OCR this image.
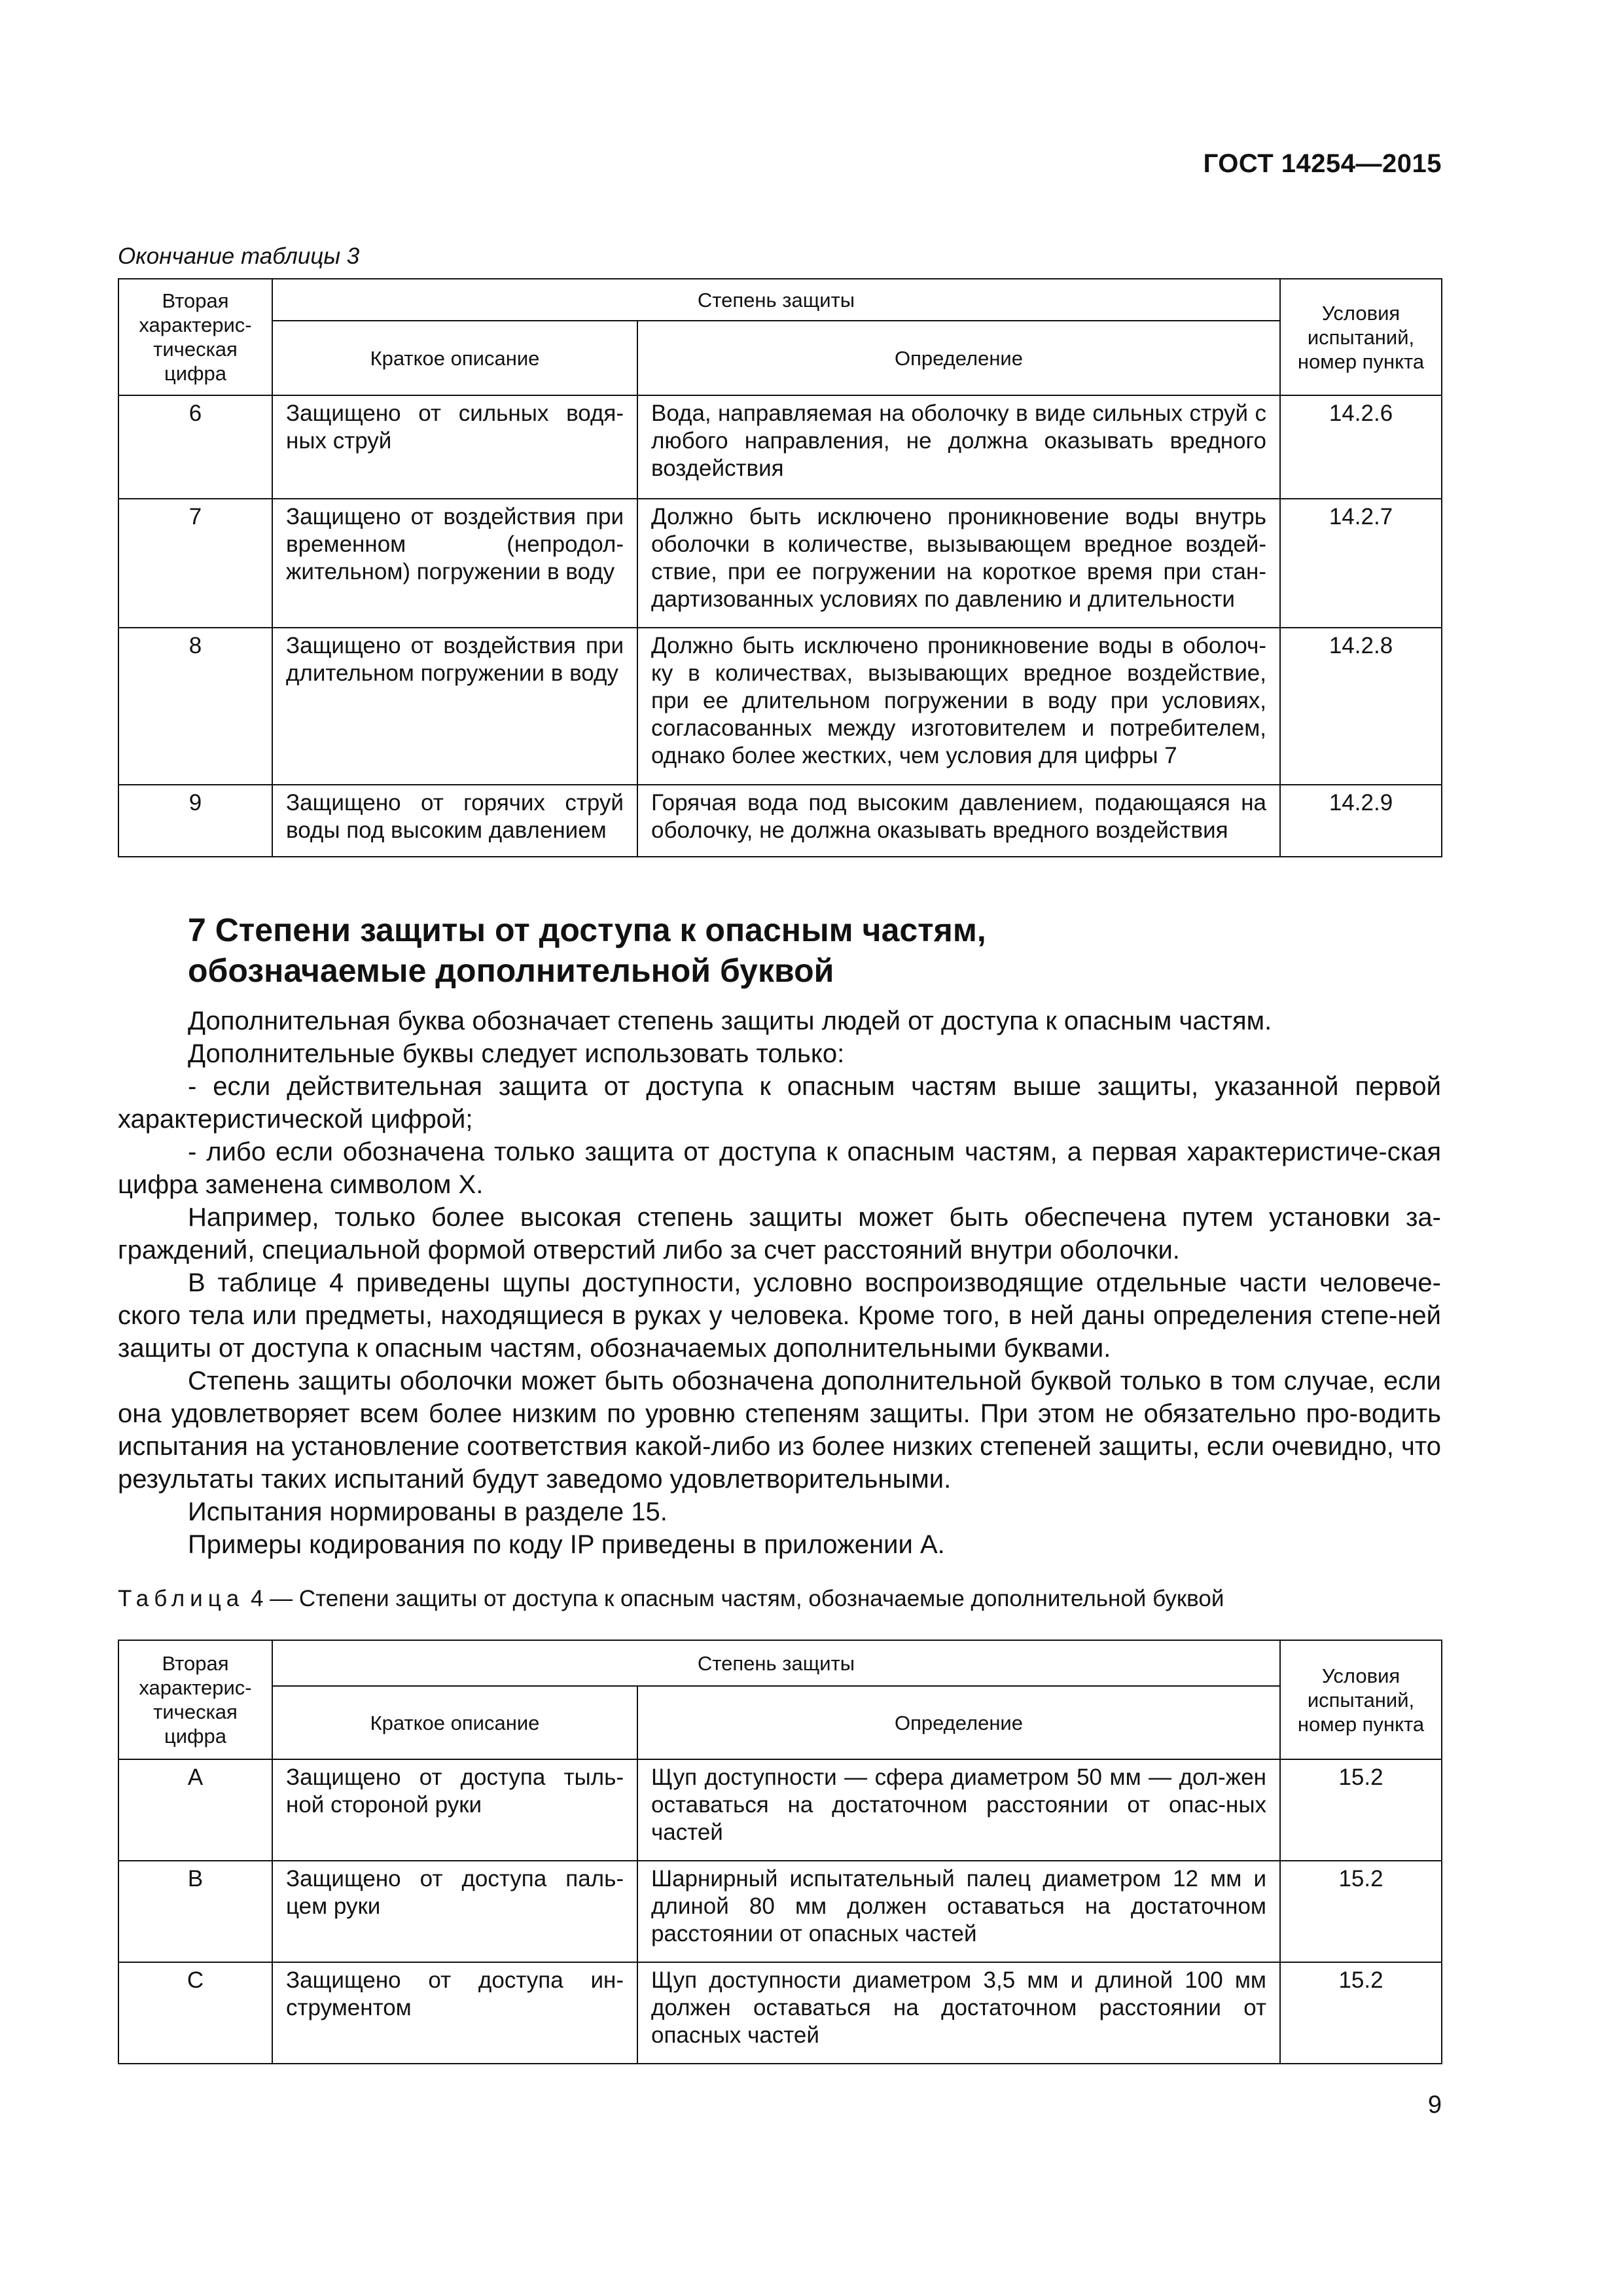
ГОСТ 14254—2015
Окончание таблицы 3
Вторая характерис-тическая цифра	Степень защиты		Условия испытаний, номер пункта
	Краткое описание	Определение	
6	Защищено от сильных водя-ных струй	Вода, направляемая на оболочку в виде сильных струй с любого направления, не должна оказывать вредного воздействия	14.2.6
7	Защищено от воздействия при временном (непродол-жительном) погружении в воду	Должно быть исключено проникновение воды внутрь оболочки в количестве, вызывающем вредное воздей-ствие, при ее погружении на короткое время при стан-дартизованных условиях по давлению и длительности	14.2.7
8	Защищено от воздействия при длительном погружении в воду	Должно быть исключено проникновение воды в оболоч-ку в количествах, вызывающих вредное воздействие, при ее длительном погружении в воду при условиях, согласованных между изготовителем и потребителем, однако более жестких, чем условия для цифры 7	14.2.8
9	Защищено от горячих струй воды под высоким давлением	Горячая вода под высоким давлением, подающаяся на оболочку, не должна оказывать вредного воздействия	14.2.9
7 Степени защиты от доступа к опасным частям,
обозначаемые дополнительной буквой

Дополнительная буква обозначает степень защиты людей от доступа к опасным частям.

Дополнительные буквы следует использовать только:

- если действительная защита от доступа к опасным частям выше защиты, указанной первой характеристической цифрой;

- либо если обозначена только защита от доступа к опасным частям, а первая характеристиче-ская цифра заменена символом X.

Например, только более высокая степень защиты может быть обеспечена путем установки за-граждений, специальной формой отверстий либо за счет расстояний внутри оболочки.

В таблице 4 приведены щупы доступности, условно воспроизводящие отдельные части человече-ского тела или предметы, находящиеся в руках у человека. Кроме того, в ней даны определения степе-ней защиты от доступа к опасным частям, обозначаемых дополнительными буквами.

Степень защиты оболочки может быть обозначена дополнительной буквой только в том случае, если она удовлетворяет всем более низким по уровню степеням защиты. При этом не обязательно про-водить испытания на установление соответствия какой-либо из более низких степеней защиты, если очевидно, что результаты таких испытаний будут заведомо удовлетворительными.

Испытания нормированы в разделе 15.

Примеры кодирования по коду IP приведены в приложении А.

Таблица 4 — Степени защиты от доступа к опасным частям, обозначаемые дополнительной буквой
Вторая характерис-тическая цифра	Степень защиты		Условия испытаний, номер пункта
	Краткое описание	Определение	
А	Защищено от доступа тыль-ной стороной руки	Щуп доступности — сфера диаметром 50 мм — дол-жен оставаться на достаточном расстоянии от опас-ных частей	15.2
В	Защищено от доступа паль-цем руки	Шарнирный испытательный палец диаметром 12 мм и длиной 80 мм должен оставаться на достаточном расстоянии от опасных частей	15.2
С	Защищено от доступа ин-струментом	Щуп доступности диаметром 3,5 мм и длиной 100 мм должен оставаться на достаточном расстоянии от опасных частей	15.2
9
